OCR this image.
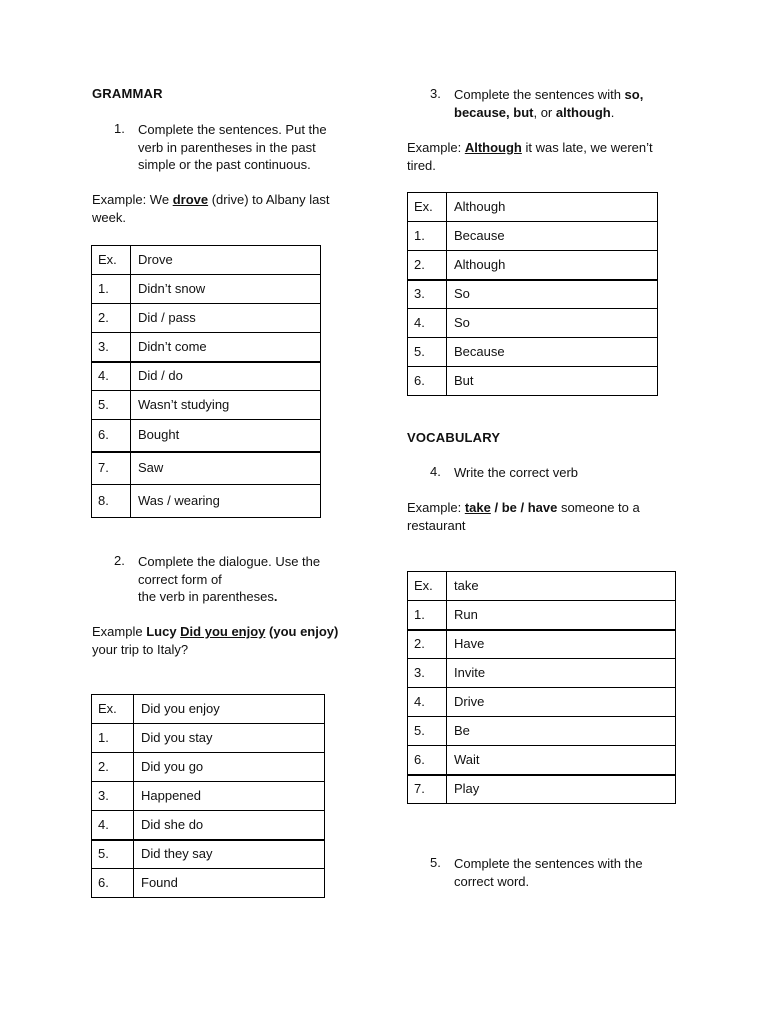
GRAMMAR
1. Complete the sentences. Put the
verb in parentheses in the past
simple or the past continuous.
Example: We drove (drive) to Albany last
week.
Ex.	Drove
1.	Didn’t snow
2.	Did / pass
3.	Didn’t come
4.	Did / do
5.	Wasn’t studying
6.	Bought
7.	Saw
8.	Was / wearing
2. Complete the dialogue. Use the
correct form of
the verb in parentheses.
Example Lucy Did you enjoy (you enjoy)
your trip to Italy?
Ex.	Did you enjoy
1.	Did you stay
2.	Did you go
3.	Happened
4.	Did she do
5.	Did they say
6.	Found
3. Complete the sentences with so,
because, but, or although.
Example: Although it was late, we weren’t
tired.
Ex.	Although
1.	Because
2.	Although
3.	So
4.	So
5.	Because
6.	But
VOCABULARY
4. Write the correct verb
Example: take / be / have someone to a
restaurant
Ex.	take
1.	Run
2.	Have
3.	Invite
4.	Drive
5.	Be
6.	Wait
7.	Play
5. Complete the sentences with the
correct word.
